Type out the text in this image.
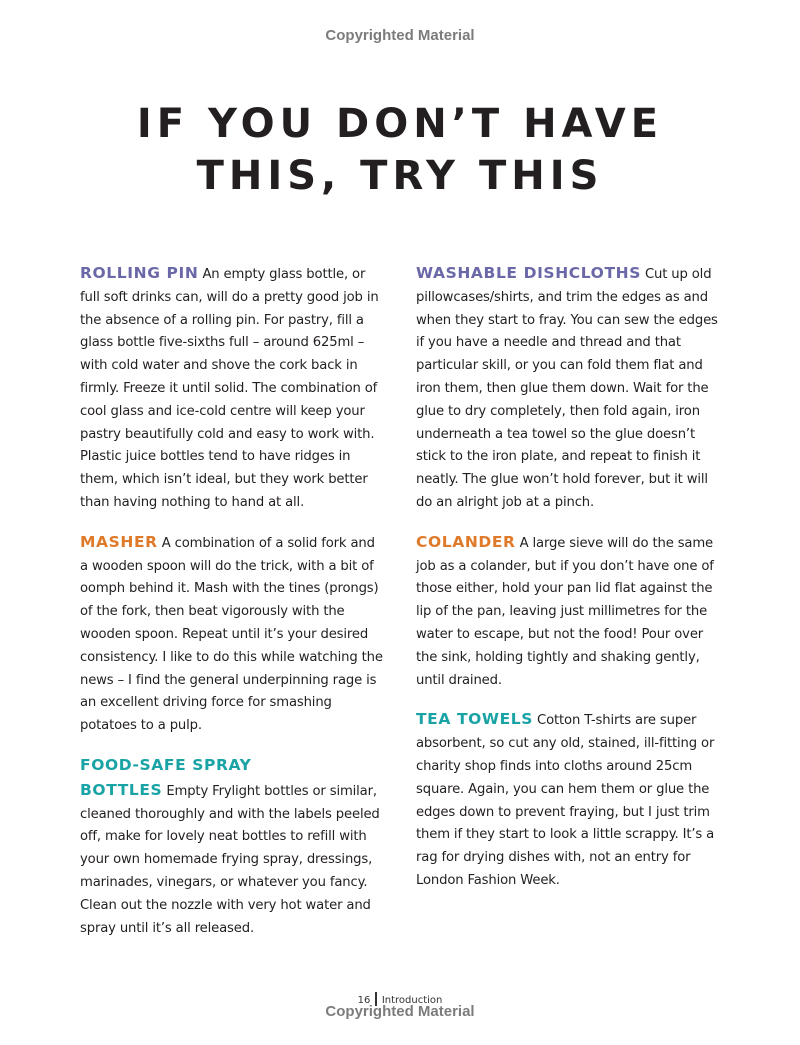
Copyrighted Material
IF YOU DON’T HAVE
THIS, TRY THIS

ROLLING PIN An empty glass bottle, or full soft drinks can, will do a pretty good job in the absence of a rolling pin. For pastry, fill a glass bottle five-sixths full – around 625ml – with cold water and shove the cork back in firmly. Freeze it until solid. The combination of cool glass and ice-cold centre will keep your pastry beautifully cold and easy to work with. Plastic juice bottles tend to have ridges in them, which isn’t ideal, but they work better than having nothing to hand at all.

MASHER A combination of a solid fork and a wooden spoon will do the trick, with a bit of oomph behind it. Mash with the tines (prongs) of the fork, then beat vigorously with the wooden spoon. Repeat until it’s your desired consistency. I like to do this while watching the news – I find the general underpinning rage is an excellent driving force for smashing potatoes to a pulp.

FOOD-SAFE SPRAY BOTTLES Empty Frylight bottles or similar, cleaned thoroughly and with the labels peeled off, make for lovely neat bottles to refill with your own homemade frying spray, dressings, marinades, vinegars, or whatever you fancy. Clean out the nozzle with very hot water and spray until it’s all released.

WASHABLE DISHCLOTHS Cut up old pillowcases/shirts, and trim the edges as and when they start to fray. You can sew the edges if you have a needle and thread and that particular skill, or you can fold them flat and iron them, then glue them down. Wait for the glue to dry completely, then fold again, iron underneath a tea towel so the glue doesn’t stick to the iron plate, and repeat to finish it neatly. The glue won’t hold forever, but it will do an alright job at a pinch.

COLANDER A large sieve will do the same job as a colander, but if you don’t have one of those either, hold your pan lid flat against the lip of the pan, leaving just millimetres for the water to escape, but not the food! Pour over the sink, holding tightly and shaking gently, until drained.

TEA TOWELS Cotton T-shirts are super absorbent, so cut any old, stained, ill-fitting or charity shop finds into cloths around 25cm square. Again, you can hem them or glue the edges down to prevent fraying, but I just trim them if they start to look a little scrappy. It’s a rag for drying dishes with, not an entry for London Fashion Week.

16 Introduction
Copyrighted Material
